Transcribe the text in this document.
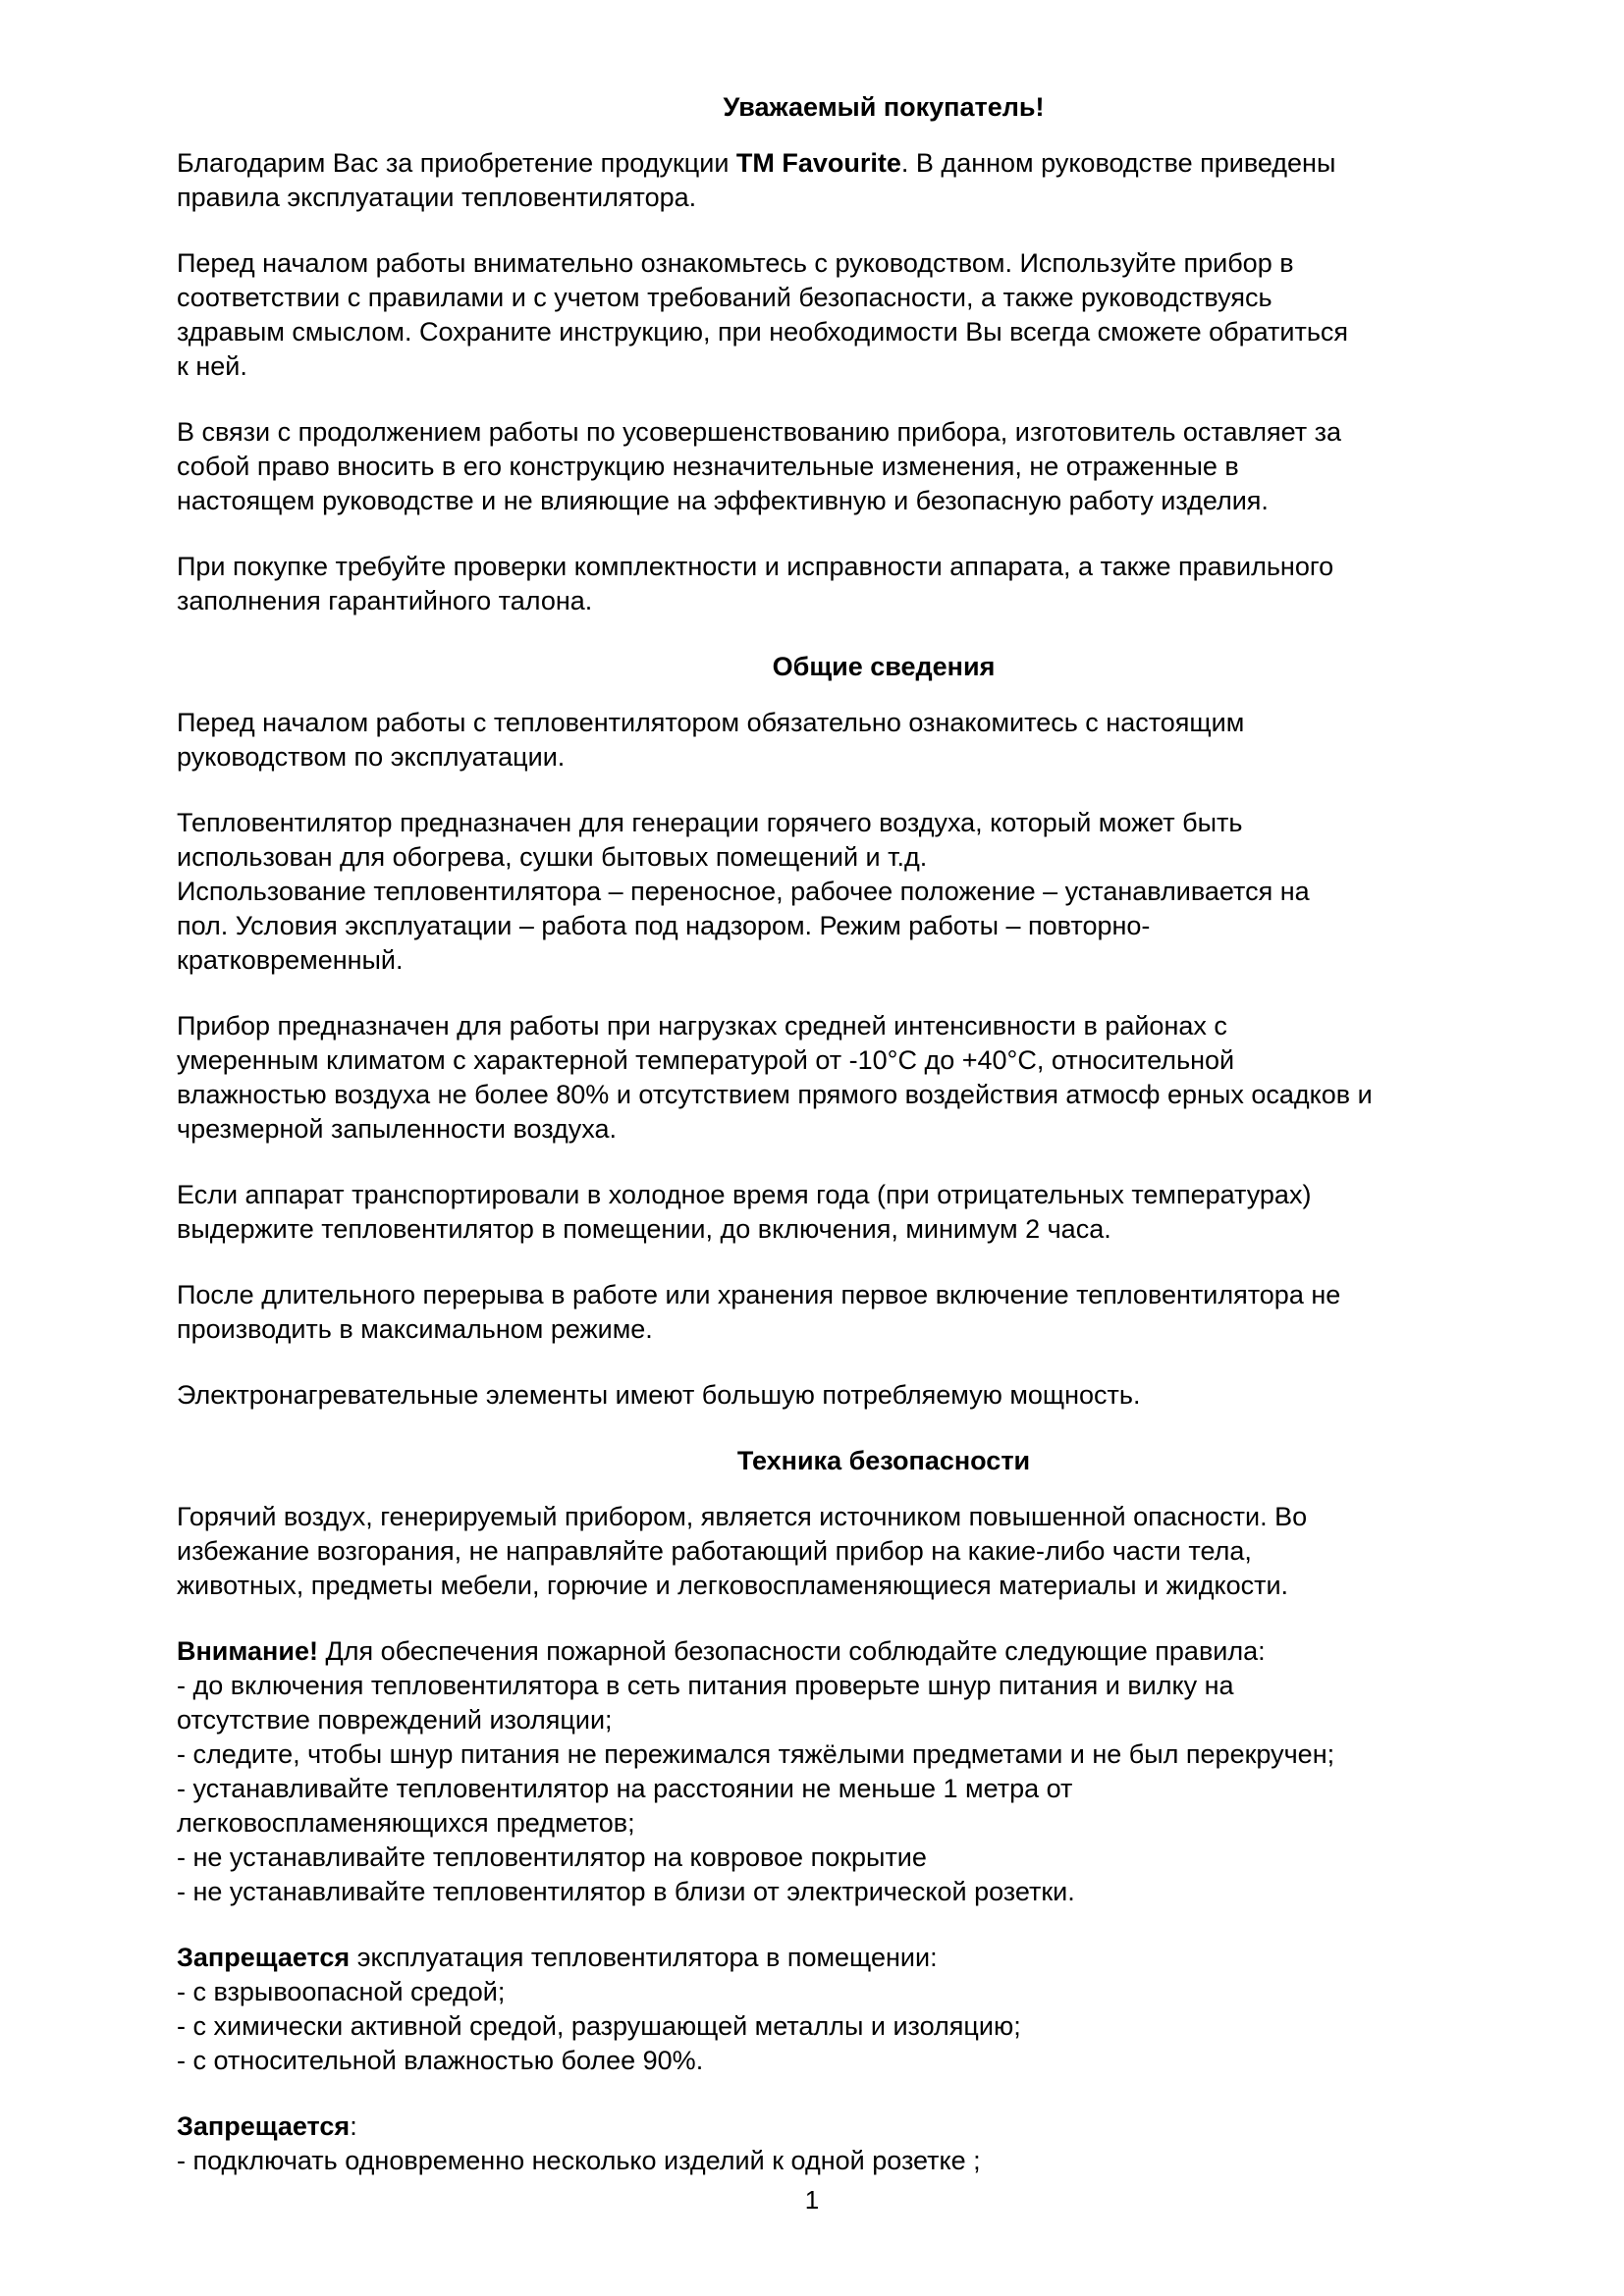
Уважаемый покупатель!

Благодарим Вас за приобретение продукции TM Favourite. В данном руководстве приведены
правила эксплуатации тепловентилятора.

Перед началом работы внимательно ознакомьтесь с руководством. Используйте прибор в
соответствии с правилами и с учетом требований безопасности, а также руководствуясь
здравым смыслом. Сохраните инструкцию, при необходимости Вы всегда сможете обратиться
к ней.

В связи с продолжением работы по усовершенствованию прибора, изготовитель оставляет за
собой право вносить в его конструкцию незначительные изменения, не отраженные в
настоящем руководстве и не влияющие на эффективную и безопасную работу изделия.

При покупке требуйте проверки комплектности и исправности аппарата, а также правильного
заполнения гарантийного талона.

Общие сведения

Перед началом работы с тепловентилятором обязательно ознакомитесь с настоящим
руководством по эксплуатации.

Тепловентилятор предназначен для генерации горячего воздуха, который может быть
использован для обогрева, сушки бытовых помещений и т.д.
Использование тепловентилятора – переносное, рабочее положение – устанавливается на
пол. Условия эксплуатации – работа под надзором. Режим работы – повторно-
кратковременный.

Прибор предназначен для работы при нагрузках средней интенсивности в районах с
умеренным климатом с характерной температурой от -10°C до +40°C, относительной
влажностью воздуха не более 80% и отсутствием прямого воздействия атмосф ерных осадков и
чрезмерной запыленности воздуха.

Если аппарат транспортировали в холодное время года (при отрицательных температурах)
выдержите тепловентилятор в помещении, до включения, минимум 2 часа.

После длительного перерыва в работе или хранения первое включение тепловентилятора не
производить в максимальном режиме.

Электронагревательные элементы имеют большую потребляемую мощность.

Техника безопасности

Горячий воздух, генерируемый прибором, является источником повышенной опасности. Во
избежание возгорания, не направляйте работающий прибор на какие-либо части тела,
животных, предметы мебели, горючие и легковоспламеняющиеся материалы и жидкости.

Внимание! Для обеспечения пожарной безопасности соблюдайте следующие правила:
- до включения тепловентилятора в сеть питания проверьте шнур питания и вилку на
отсутствие повреждений изоляции;
- следите, чтобы шнур питания не пережимался тяжёлыми предметами и не был перекручен;
- устанавливайте тепловентилятор на расстоянии не меньше 1 метра от
легковоспламеняющихся предметов;
- не устанавливайте тепловентилятор на ковровое покрытие
- не устанавливайте тепловентилятор в близи от электрической розетки.

Запрещается эксплуатация тепловентилятора в помещении:
- с взрывоопасной средой;
- с химически активной средой, разрушающей металлы и изоляцию;
- с относительной влажностью более 90%.

Запрещается:
- подключать одновременно несколько изделий к одной розетке ;

1
